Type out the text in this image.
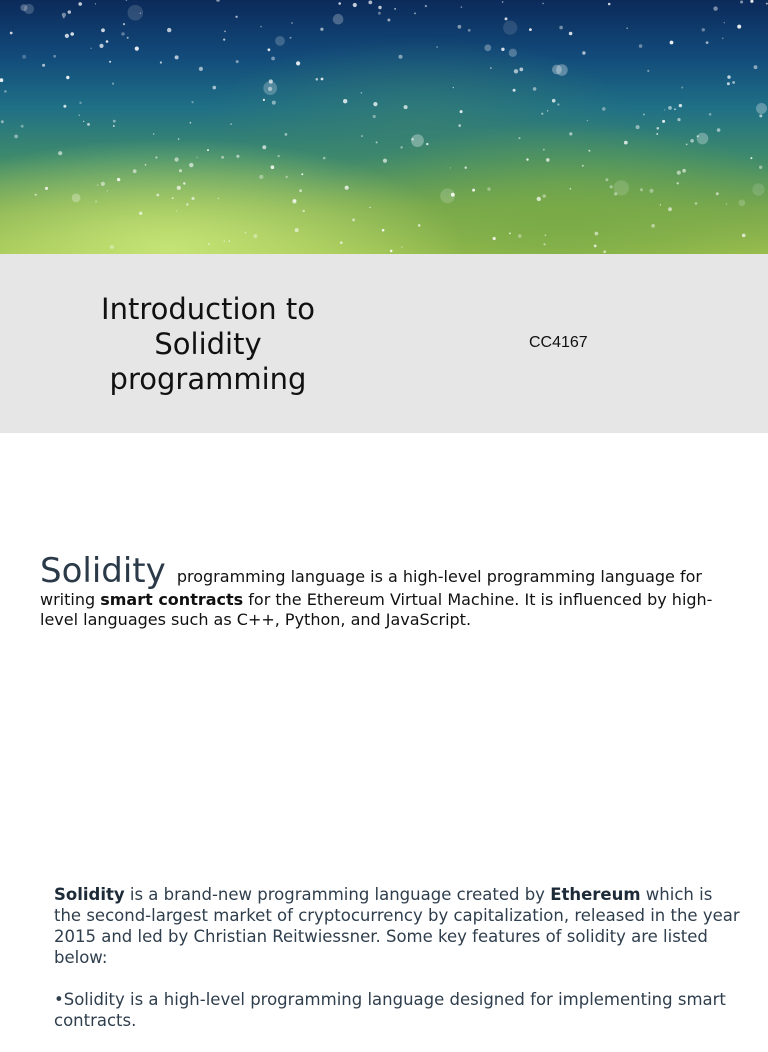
Introduction to
Solidity
programming
CC4167
Solidity programming language is a high-level programming language for writing smart contracts for the Ethereum Virtual Machine. It is influenced by high-level languages such as C++, Python, and JavaScript.

Solidity is a brand-new programming language created by Ethereum which is the second-largest market of cryptocurrency by capitalization, released in the year 2015 and led by Christian Reitwiessner. Some key features of solidity are listed below:

•Solidity is a high-level programming language designed for implementing smart contracts.
